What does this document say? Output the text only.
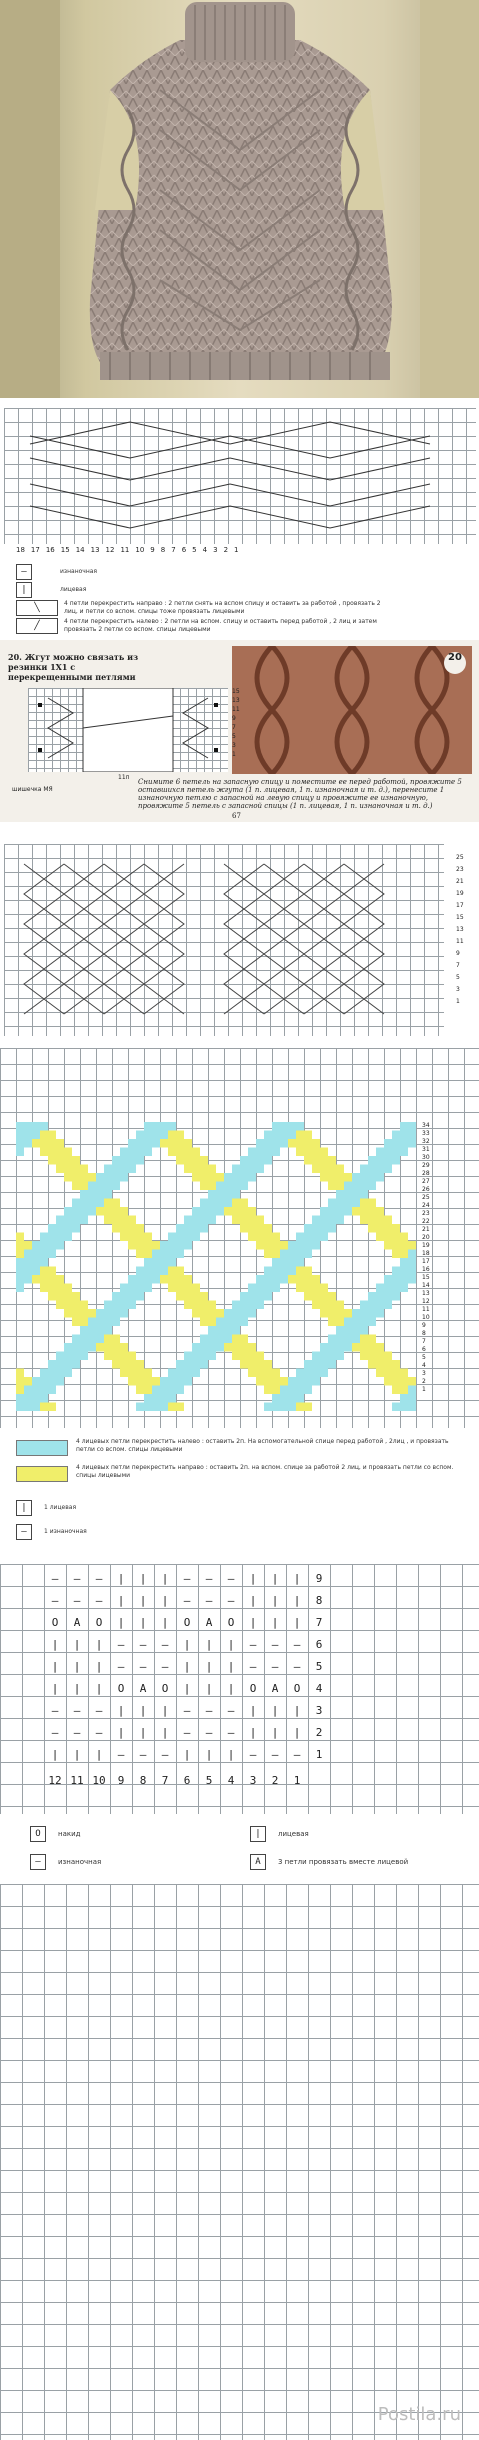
18 17 16 15 14 13 12 11 10 9 8 7 6 5 4 3 2 1
–	изнаночная
|	лицевая
╲	4 петли перекрестить направо : 2 петли снять на вспом спицу и оставить за работой , провязать 2 лиц, и петли со вспом. спицы тоже провязать лицевыми
╱	4 петли перекрестить налево : 2 петли на вспом. спицу и оставить перед работой , 2 лиц и затем провязать 2 петли со вспом. спицы лицевыми
20. Жгут можно связать из резинки 1Х1 с перекрещенными петлями
20
15
13
11
9
7
5
3
1
11п
шишечка МЯ
Снимите 6 петель на запасную спицу и поместите ее перед работой, провяжите 5 оставшихся петель жгута (1 п. лицевая, 1 п. изнаночная и т. д.), перенесите 1 изнаночную петлю с запасной на левую спицу и провяжите ее изнаночную, провяжите 5 петель с запасной спицы (1 п. лицевая, 1 п. изнаночная и т. д.)
67
25
23
21
19
17
15
13
11
9
7
5
3
1
34
33
32
31
30
29
28
27
26
25
24
23
22
21
20
19
18
17
16
15
14
13
12
11
10
9
8
7
6
5
4
3
2
1
4 лицевых петли перекрестить налево : оставить 2п. На вспомогательной спице перед работой , 2лиц , и провязать петли со вспом. спицы лицевыми
4 лицевых петли перекрестить направо : оставить 2п. на вспом. спице за работой 2 лиц, и провязать петли со вспом. спицы лицевыми
|	1 лицевая
–	1 изнаночная
–	–	–	|	|	|	–	–	–	|	|	|	9
–	–	–	|	|	|	–	–	–	|	|	|	8
O	A	O	|	|	|	O	A	O	|	|	|	7
|	|	|	–	–	–	|	|	|	–	–	–	6
|	|	|	–	–	–	|	|	|	–	–	–	5
|	|	|	O	A	O	|	|	|	O	A	O	4
–	–	–	|	|	|	–	–	–	|	|	|	3
–	–	–	|	|	|	–	–	–	|	|	|	2
|	|	|	–	–	–	|	|	|	–	–	–	1
12 11 10	9	8	7	6	5	4	3	2	1
O	накид	|	лицевая
–	изнаночная	A	3 петли провязать вместе лицевой
Postila.ru
